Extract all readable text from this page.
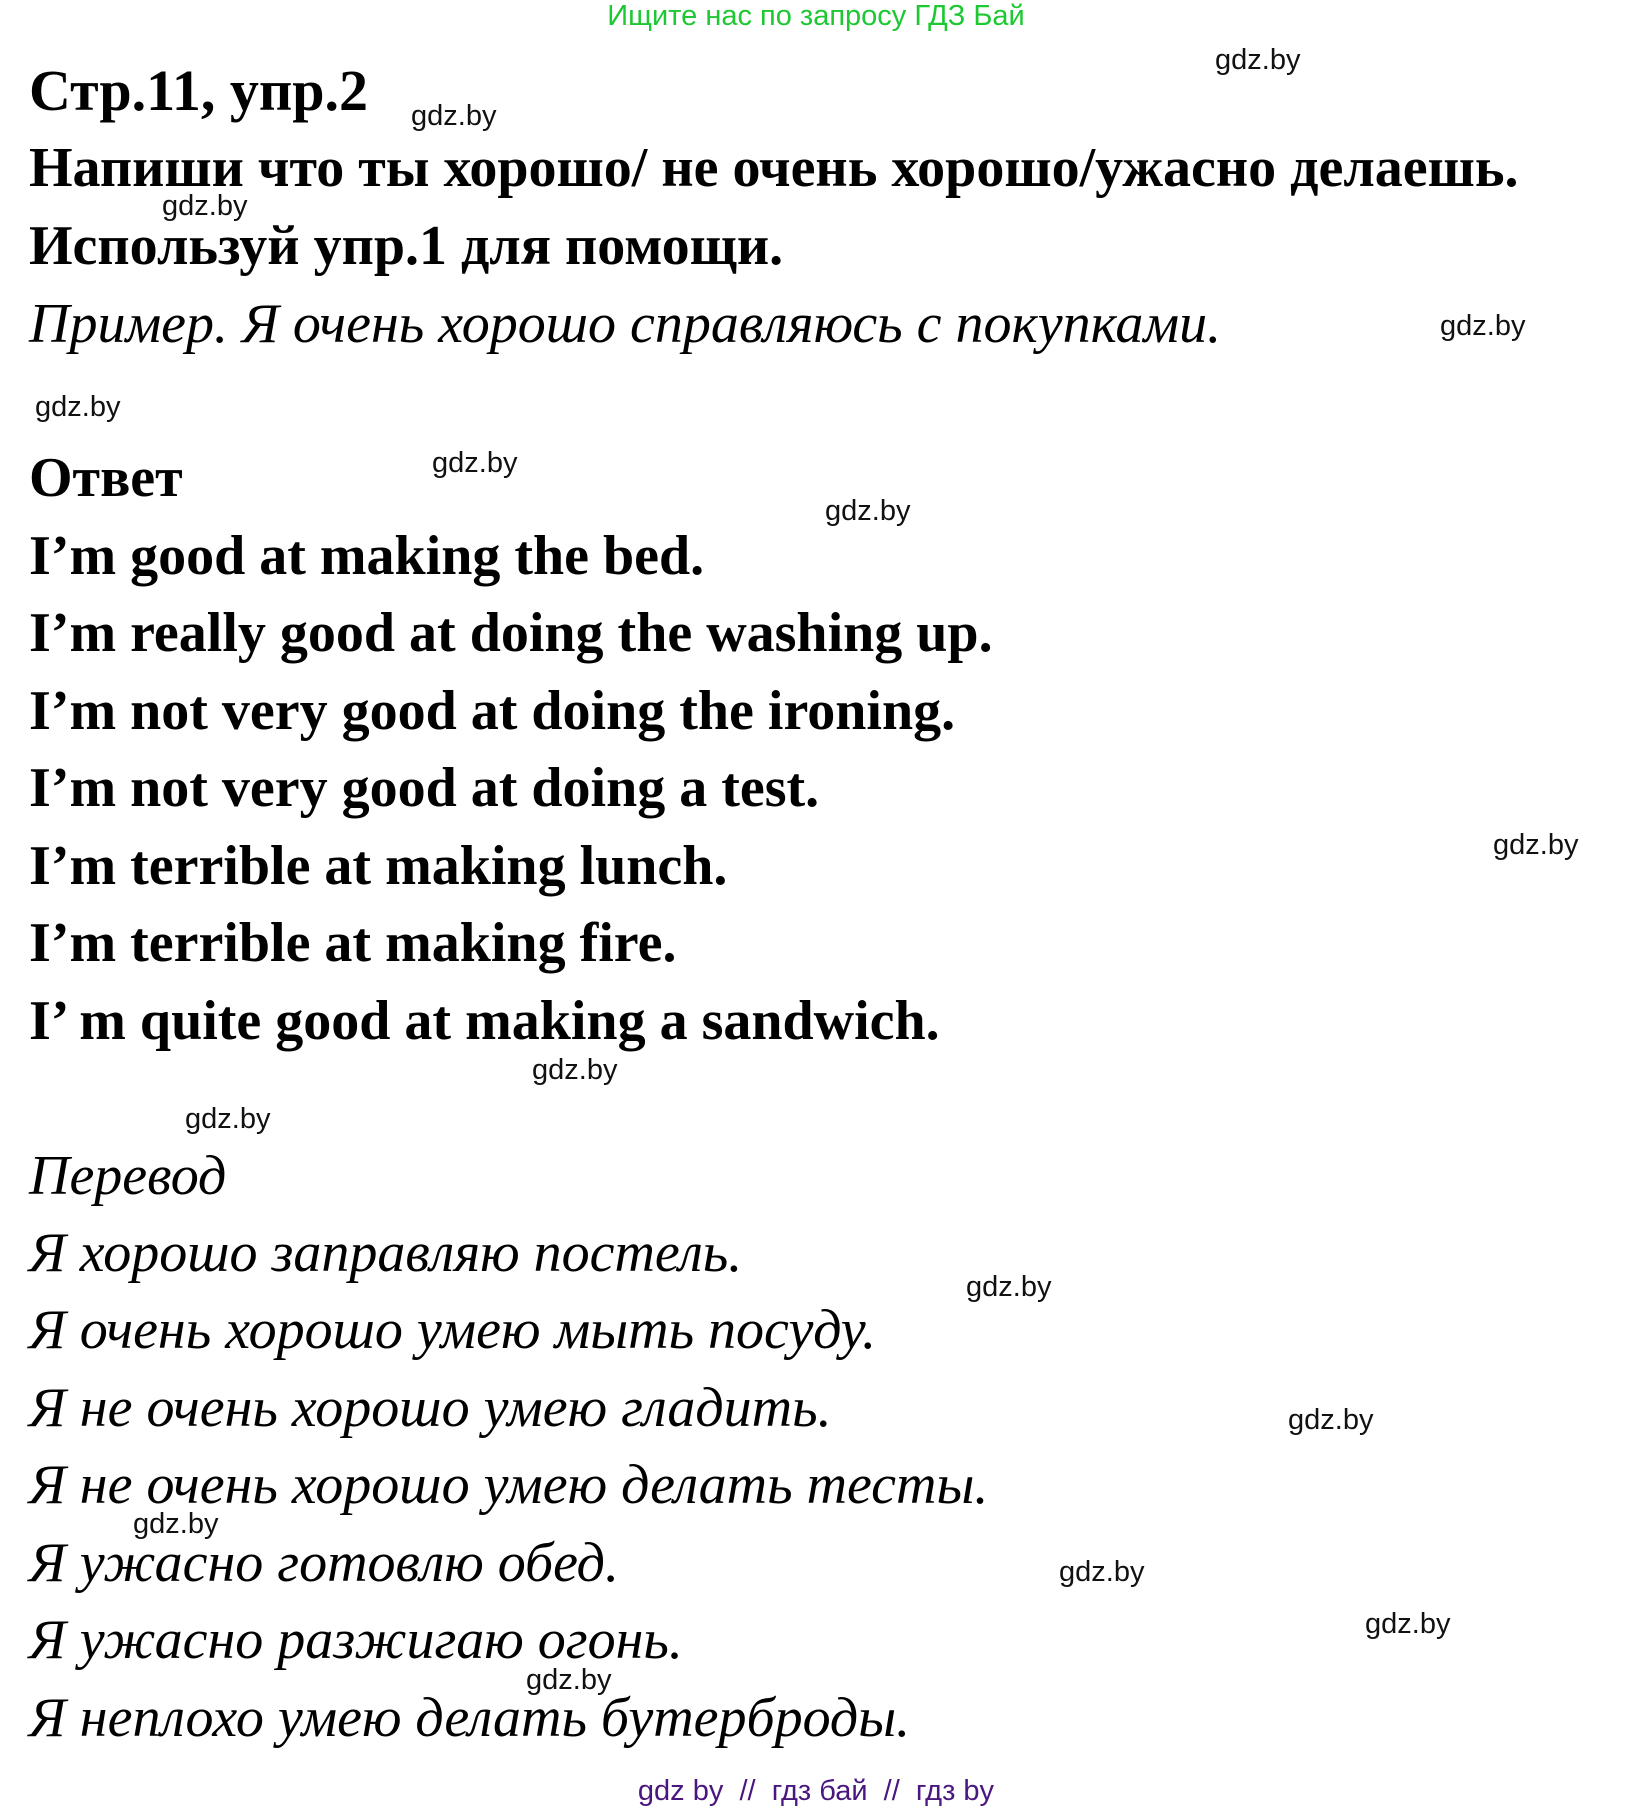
Ищите нас по запросу ГДЗ Бай
Стр.11, упр.2
Напиши что ты хорошо/ не очень хорошо/ужасно делаешь.
Используй упр.1 для помощи.
Пример. Я очень хорошо справляюсь с покупками.
Ответ
I’m good at making the bed.
I’m really good at doing the washing up.
I’m not very good at doing the ironing.
I’m not very good at doing a test.
I’m terrible at making lunch.
I’m terrible at making fire.
I’ m quite good at making a sandwich.
Перевод
Я хорошо заправляю постель.
Я очень хорошо умею мыть посуду.
Я не очень хорошо умею гладить.
Я не очень хорошо умею делать тесты.
Я ужасно готовлю обед.
Я ужасно разжигаю огонь.
Я неплохо умею делать бутерброды.
gdz.by
gdz.by
gdz.by
gdz.by
gdz.by
gdz.by
gdz.by
gdz.by
gdz.by
gdz.by
gdz.by
gdz.by
gdz.by
gdz.by
gdz.by
gdz.by
gdz by  //  гдз бай  //  гдз by
